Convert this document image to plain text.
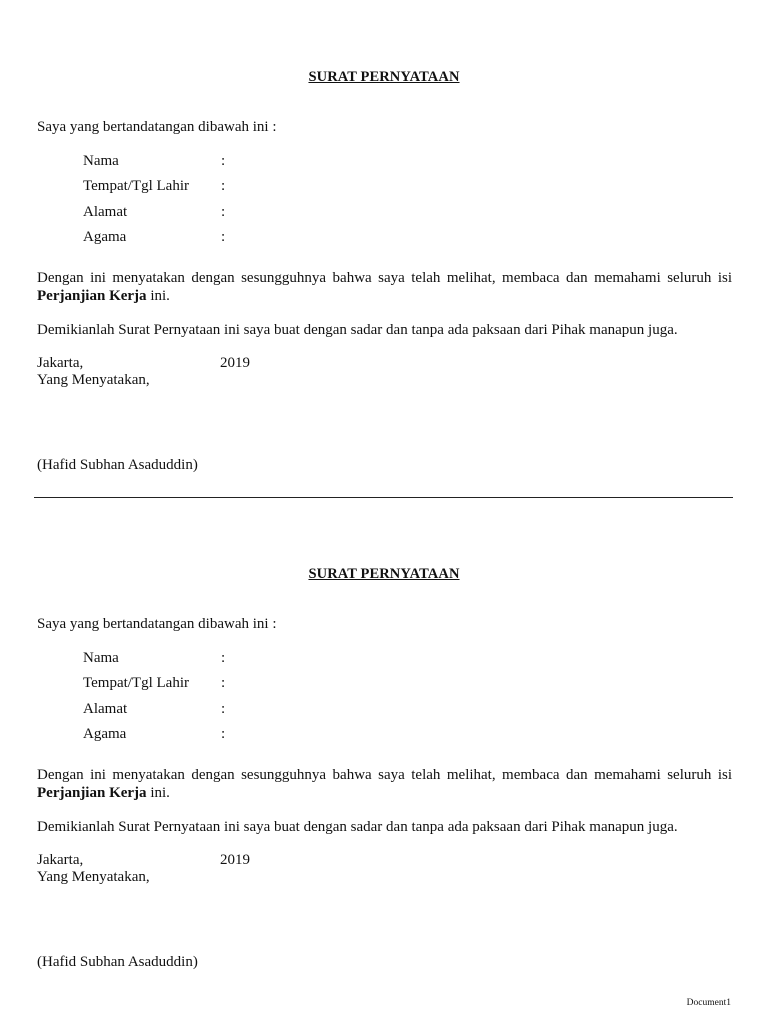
SURAT PERNYATAAN
Saya yang bertandatangan dibawah ini :
Nama	:
Tempat/Tgl Lahir :
Alamat	:
Agama	:
Dengan ini menyatakan dengan sesungguhnya bahwa saya telah melihat, membaca dan memahami seluruh isi Perjanjian Kerja ini.
Demikianlah Surat Pernyataan ini saya buat dengan sadar dan tanpa ada paksaan dari Pihak manapun juga.
Jakarta,	2019
Yang Menyatakan,
(Hafid Subhan Asaduddin)
SURAT PERNYATAAN
Saya yang bertandatangan dibawah ini :
Nama	:
Tempat/Tgl Lahir :
Alamat	:
Agama	:
Dengan ini menyatakan dengan sesungguhnya bahwa saya telah melihat, membaca dan memahami seluruh isi Perjanjian Kerja ini.
Demikianlah Surat Pernyataan ini saya buat dengan sadar dan tanpa ada paksaan dari Pihak manapun juga.
Jakarta,	2019
Yang Menyatakan,
(Hafid Subhan Asaduddin)
Document1
